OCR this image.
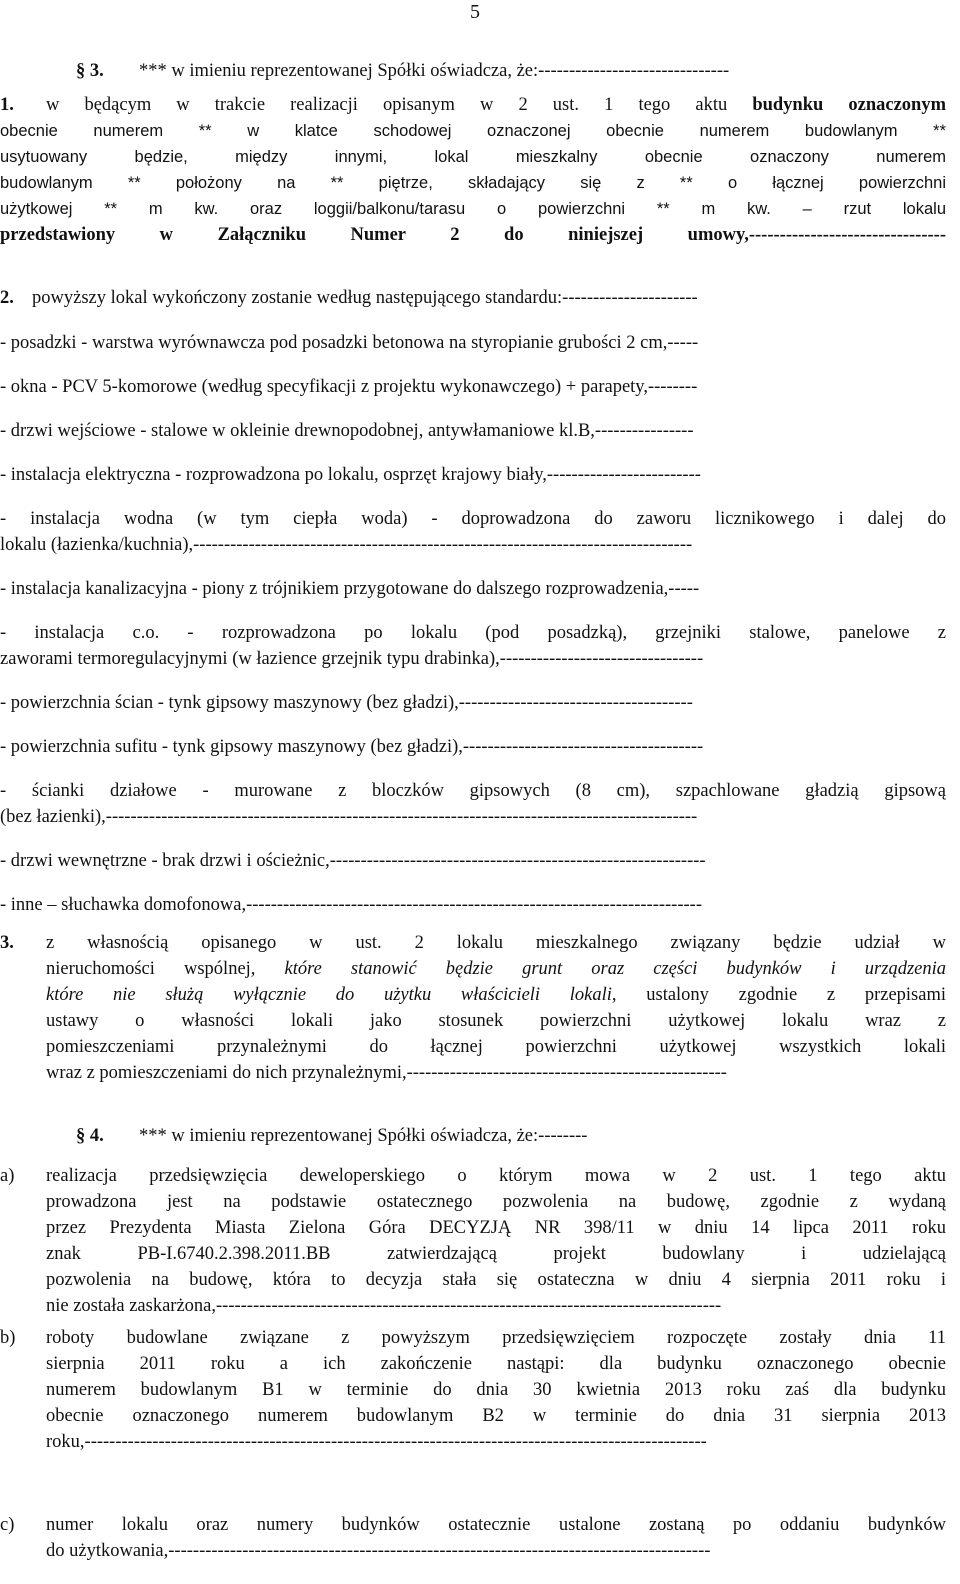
5
§ 3. *** w imieniu reprezentowanej Spółki oświadcza, że:-------------------------------
1. w będącym w trakcie realizacji opisanym w 2 ust. 1 tego aktu budynku oznaczonym
obecnie numerem ** w klatce schodowej oznaczonej obecnie numerem budowlanym **
usytuowany będzie, między innymi, lokal mieszkalny obecnie oznaczony numerem
budowlanym ** położony na ** piętrze, składający się z ** o łącznej powierzchni
użytkowej ** m kw. oraz loggii/balkonu/tarasu o powierzchni ** m kw. – rzut lokalu
przedstawiony w Załączniku Numer 2 do niniejszej umowy,--------------------------------
2. powyższy lokal wykończony zostanie według następującego standardu:----------------------
- posadzki - warstwa wyrównawcza pod posadzki betonowa na styropianie grubości 2 cm,-----
- okna - PCV 5-komorowe (według specyfikacji z projektu wykonawczego) + parapety,--------
- drzwi wejściowe - stalowe w okleinie drewnopodobnej, antywłamaniowe kl.B,----------------
- instalacja elektryczna - rozprowadzona po lokalu, osprzęt krajowy biały,-------------------------
- instalacja wodna (w tym ciepła woda) - doprowadzona do zaworu licznikowego i dalej do
lokalu (łazienka/kuchnia),---------------------------------------------------------------------------------
- instalacja kanalizacyjna - piony z trójnikiem przygotowane do dalszego rozprowadzenia,-----
- instalacja c.o. - rozprowadzona po lokalu (pod posadzką), grzejniki stalowe, panelowe z
zaworami termoregulacyjnymi (w łazience grzejnik typu drabinka),---------------------------------
- powierzchnia ścian - tynk gipsowy maszynowy (bez gładzi),--------------------------------------
- powierzchnia sufitu - tynk gipsowy maszynowy (bez gładzi),---------------------------------------
- ścianki działowe - murowane z bloczków gipsowych (8 cm), szpachlowane gładzią gipsową
(bez łazienki),------------------------------------------------------------------------------------------------
- drzwi wewnętrzne - brak drzwi i ościeżnic,-------------------------------------------------------------
- inne – słuchawka domofonowa,--------------------------------------------------------------------------
3. z własnością opisanego w ust. 2 lokalu mieszkalnego związany będzie udział w
nieruchomości wspólnej, które stanowić będzie grunt oraz części budynków i urządzenia
które nie służą wyłącznie do użytku właścicieli lokali, ustalony zgodnie z przepisami
ustawy o własności lokali jako stosunek powierzchni użytkowej lokalu wraz z
pomieszczeniami przynależnymi do łącznej powierzchni użytkowej wszystkich lokali
wraz z pomieszczeniami do nich przynależnymi,----------------------------------------------------
§ 4. *** w imieniu reprezentowanej Spółki oświadcza, że:--------
a) realizacja przedsięwzięcia deweloperskiego o którym mowa w 2 ust. 1 tego aktu
prowadzona jest na podstawie ostatecznego pozwolenia na budowę, zgodnie z wydaną
przez Prezydenta Miasta Zielona Góra DECYZJĄ NR 398/11 w dniu 14 lipca 2011 roku
znak PB-I.6740.2.398.2011.BB zatwierdzającą projekt budowlany i udzielającą
pozwolenia na budowę, która to decyzja stała się ostateczna w dniu 4 sierpnia 2011 roku i
nie została zaskarżona,----------------------------------------------------------------------------------
b) roboty budowlane związane z powyższym przedsięwzięciem rozpoczęte zostały dnia 11
sierpnia 2011 roku a ich zakończenie nastąpi: dla budynku oznaczonego obecnie
numerem budowlanym B1 w terminie do dnia 30 kwietnia 2013 roku zaś dla budynku
obecnie oznaczonego numerem budowlanym B2 w terminie do dnia 31 sierpnia 2013
roku,-----------------------------------------------------------------------------------------------------
c) numer lokalu oraz numery budynków ostatecznie ustalone zostaną po oddaniu budynków
do użytkowania,----------------------------------------------------------------------------------------
